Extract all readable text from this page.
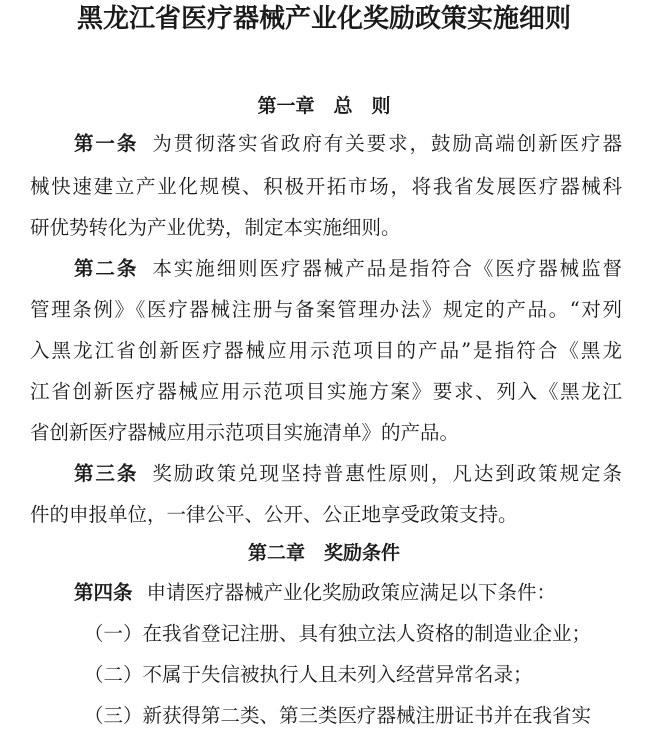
黑龙江省医疗器械产业化奖励政策实施细则
第一章　总　则
第一条 为贯彻落实省政府有关要求，鼓励高端创新医疗器
械快速建立产业化规模、积极开拓市场，将我省发展医疗器械科
研优势转化为产业优势，制定本实施细则。
第二条 本实施细则医疗器械产品是指符合《医疗器械监督
管理条例》《医疗器械注册与备案管理办法》规定的产品。“对列
入黑龙江省创新医疗器械应用示范项目的产品”是指符合《黑龙
江省创新医疗器械应用示范项目实施方案》要求、列入《黑龙江
省创新医疗器械应用示范项目实施清单》的产品。
第三条 奖励政策兑现坚持普惠性原则，凡达到政策规定条
件的申报单位，一律公平、公开、公正地享受政策支持。
第二章　奖励条件
第四条 申请医疗器械产业化奖励政策应满足以下条件：
（一）在我省登记注册、具有独立法人资格的制造业企业；
（二）不属于失信被执行人且未列入经营异常名录；
（三）新获得第二类、第三类医疗器械注册证书并在我省实
